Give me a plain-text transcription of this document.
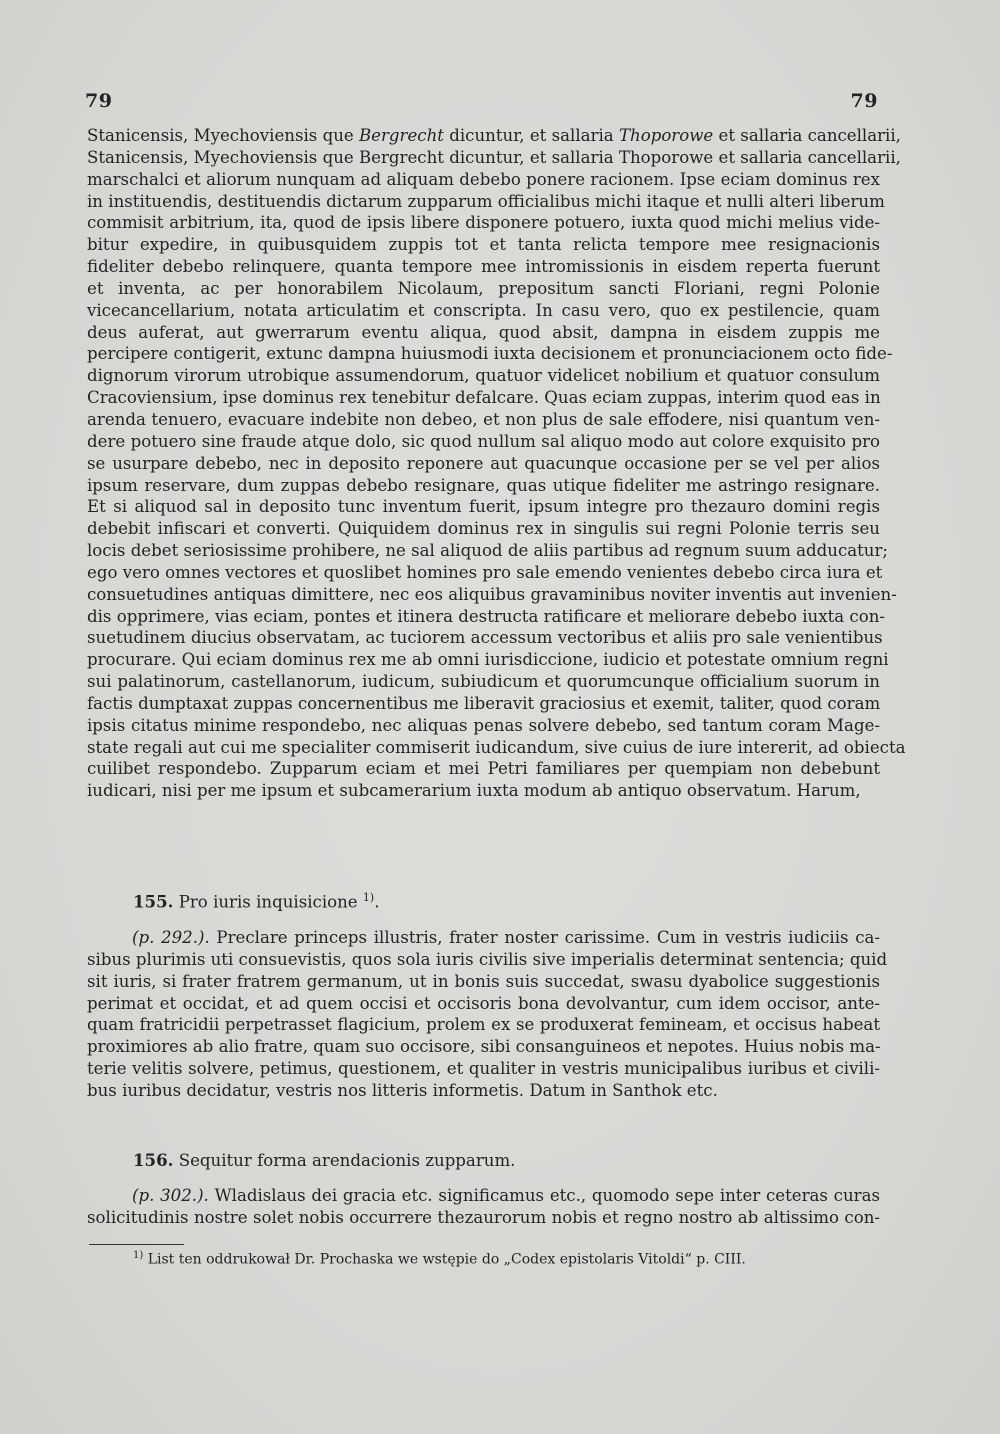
79	79
Stanicensis, Myechoviensis que Bergrecht dicuntur, et sallaria Thoporowe et sallaria cancellarii,
Stanicensis, Myechoviensis que Bergrecht dicuntur, et sallaria Thoporowe et sallaria cancellarii,
marschalci et aliorum nunquam ad aliquam debebo ponere racionem. Ipse eciam dominus rex
in instituendis, destituendis dictarum zupparum officialibus michi itaque et nulli alteri liberum
commisit arbitrium, ita, quod de ipsis libere disponere potuero, iuxta quod michi melius vide-
bitur expedire, in quibusquidem zuppis tot et tanta relicta tempore mee resignacionis
fideliter debebo relinquere, quanta tempore mee intromissionis in eisdem reperta fuerunt
et inventa, ac per honorabilem Nicolaum, prepositum sancti Floriani, regni Polonie
vicecancellarium, notata articulatim et conscripta. In casu vero, quo ex pestilencie, quam
deus auferat, aut gwerrarum eventu aliqua, quod absit, dampna in eisdem zuppis me
percipere contigerit, extunc dampna huiusmodi iuxta decisionem et pronunciacionem octo fide-
dignorum virorum utrobique assumendorum, quatuor videlicet nobilium et quatuor consulum
Cracoviensium, ipse dominus rex tenebitur defalcare. Quas eciam zuppas, interim quod eas in
arenda tenuero, evacuare indebite non debeo, et non plus de sale effodere, nisi quantum ven-
dere potuero sine fraude atque dolo, sic quod nullum sal aliquo modo aut colore exquisito pro
se usurpare debebo, nec in deposito reponere aut quacunque occasione per se vel per alios
ipsum reservare, dum zuppas debebo resignare, quas utique fideliter me astringo resignare.
Et si aliquod sal in deposito tunc inventum fuerit, ipsum integre pro thezauro domini regis
debebit infiscari et converti. Quiquidem dominus rex in singulis sui regni Polonie terris seu
locis debet seriosissime prohibere, ne sal aliquod de aliis partibus ad regnum suum adducatur;
ego vero omnes vectores et quoslibet homines pro sale emendo venientes debebo circa iura et
consuetudines antiquas dimittere, nec eos aliquibus gravaminibus noviter inventis aut invenien-
dis opprimere, vias eciam, pontes et itinera destructa ratificare et meliorare debebo iuxta con-
suetudinem diucius observatam, ac tuciorem accessum vectoribus et aliis pro sale venientibus
procurare. Qui eciam dominus rex me ab omni iurisdiccione, iudicio et potestate omnium regni
sui palatinorum, castellanorum, iudicum, subiudicum et quorumcunque officialium suorum in
factis dumptaxat zuppas concernentibus me liberavit graciosius et exemit, taliter, quod coram
ipsis citatus minime respondebo, nec aliquas penas solvere debebo, sed tantum coram Mage-
state regali aut cui me specialiter commiserit iudicandum, sive cuius de iure intererit, ad obiecta
cuilibet respondebo. Zupparum eciam et mei Petri familiares per quempiam non debebunt
iudicari, nisi per me ipsum et subcamerarium iuxta modum ab antiquo observatum. Harum,
155. Pro iuris inquisicione $^{1)}$.
(p. 292.). Preclare princeps illustris, frater noster carissime. Cum in vestris iudiciis ca-
sibus plurimis uti consuevistis, quos sola iuris civilis sive imperialis determinat sentencia; quid
sit iuris, si frater fratrem germanum, ut in bonis suis succedat, swasu dyabolice suggestionis
perimat et occidat, et ad quem occisi et occisoris bona devolvantur, cum idem occisor, ante-
quam fratricidii perpetrasset flagicium, prolem ex se produxerat femineam, et occisus habeat
proximiores ab alio fratre, quam suo occisore, sibi consanguineos et nepotes. Huius nobis ma-
terie velitis solvere, petimus, questionem, et qualiter in vestris municipalibus iuribus et civili-
bus iuribus decidatur, vestris nos litteris informetis. Datum in Santhok etc.
156. Sequitur forma arendacionis zupparum.
(p. 302.). Wladislaus dei gracia etc. significamus etc., quomodo sepe inter ceteras curas
solicitudinis nostre solet nobis occurrere thezaurorum nobis et regno nostro ab altissimo con-
$^{1)}$ List ten oddrukował Dr. Prochaska we wstępie do „Codex epistolaris Vitoldi“ p. CIII.
